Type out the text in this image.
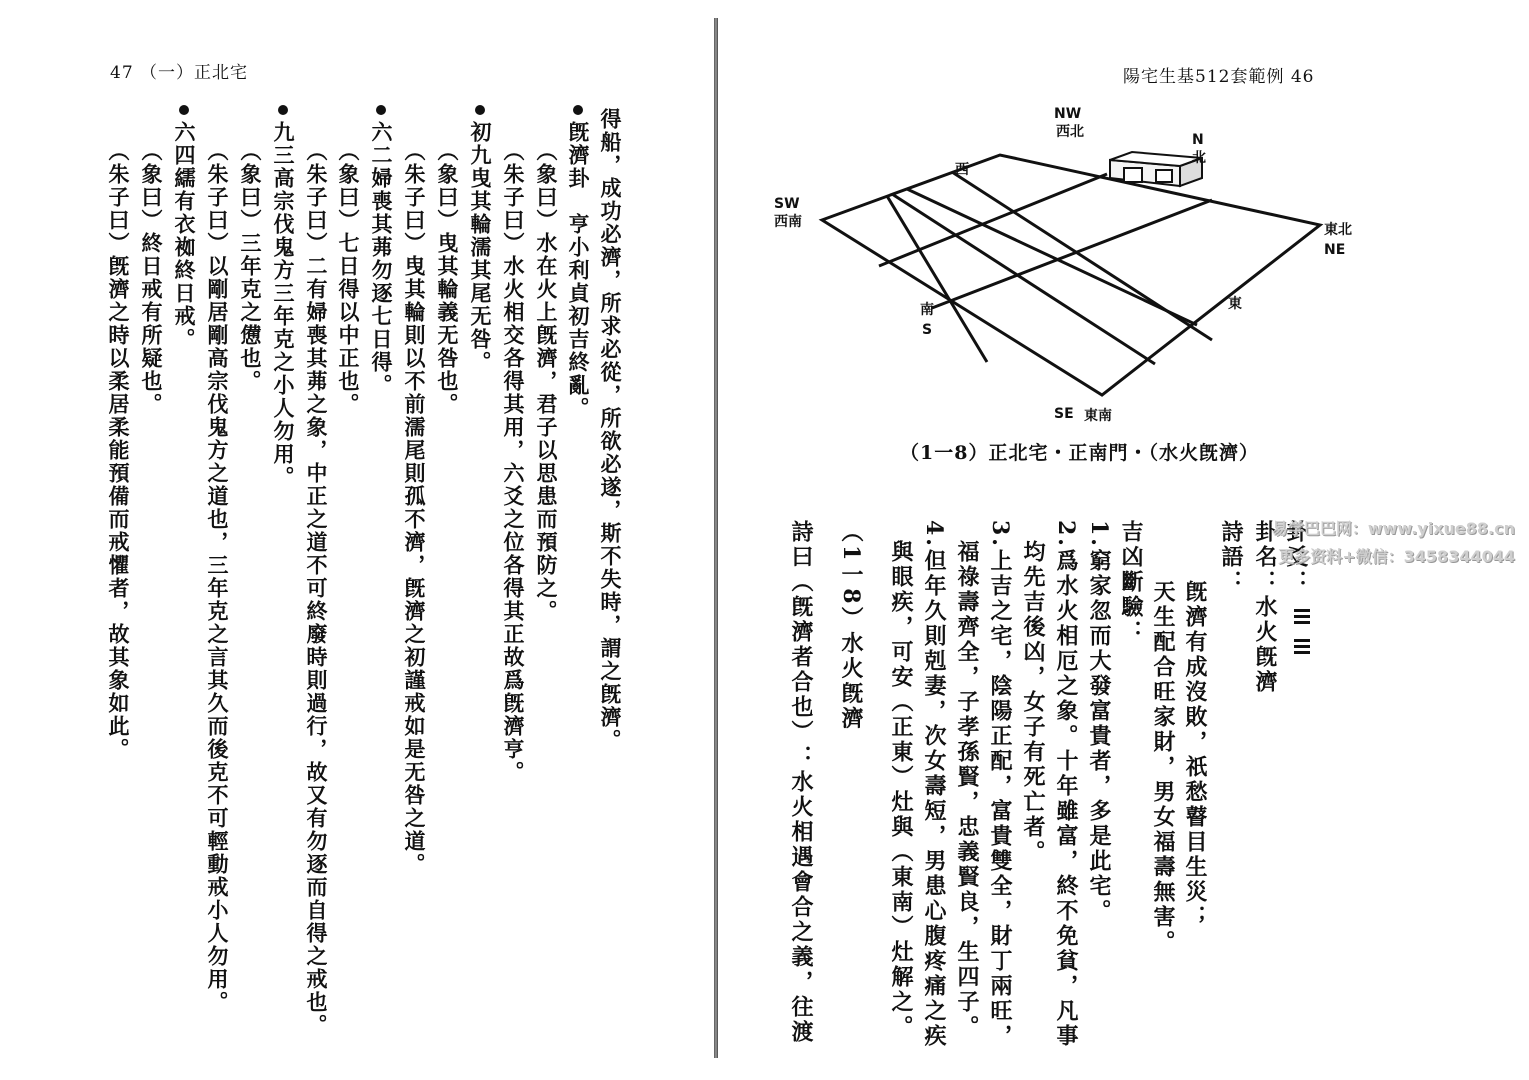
47 （一）正北宅
得船，成功必濟，所求必從，所欲必遂，斯不失時，謂之旣濟。
旣濟卦　亨小利貞初吉終亂。
（象曰）水在火上旣濟，君子以思患而預防之。
（朱子曰）水火相交各得其用，六爻之位各得其正故爲旣濟亨。
初九曳其輪濡其尾无咎。
（象曰）曳其輪義无咎也。
（朱子曰）曳其輪則以不前濡尾則孤不濟，旣濟之初謹戒如是无咎之道。
六二婦喪其茀勿逐七日得。
（象曰）七日得以中正也。
（朱子曰）二有婦喪其茀之象，中正之道不可終廢時則過行，故又有勿逐而自得之戒也。
九三高宗伐鬼方三年克之小人勿用。
（象曰）三年克之憊也。
（朱子曰）以剛居剛高宗伐鬼方之道也，三年克之言其久而後克不可輕動戒小人勿用。
六四繻有衣袽終日戒。
（象曰）終日戒有所疑也。
（朱子曰）旣濟之時以柔居柔能預備而戒懼者，故其象如此。
陽宅生基512套範例 46
NW
西北	N
北
西
SW
西南	東北
NE
南
S
東
SE 東南
（1一8）正北宅・正南門・（水火旣濟）
卦名：水火旣濟 卦爻：

詩語：
旣濟有成沒敗，祇愁瞽目生災；
天生配合旺家財，男女福壽無害。
吉凶斷驗：
1.窮家忽而大發富貴者，多是此宅。
2.爲水火相厄之象。十年雖富，終不免貧，凡事
均先吉後凶，女子有死亡者。
3.上吉之宅，陰陽正配，富貴雙全，財丁兩旺，
福祿壽齊全，子孝孫賢，忠義賢良，生四子。
4.但年久則剋妻，次女壽短，男患心腹疼痛之疾
與眼疾，可安（正東）灶與（東南）灶解之。
（1一8）水火旣濟
詩曰（旣濟者合也）：水火相遇會合之義，往渡	易学巴巴网：www.yixue88.cn
更多资料+微信：3458344044
